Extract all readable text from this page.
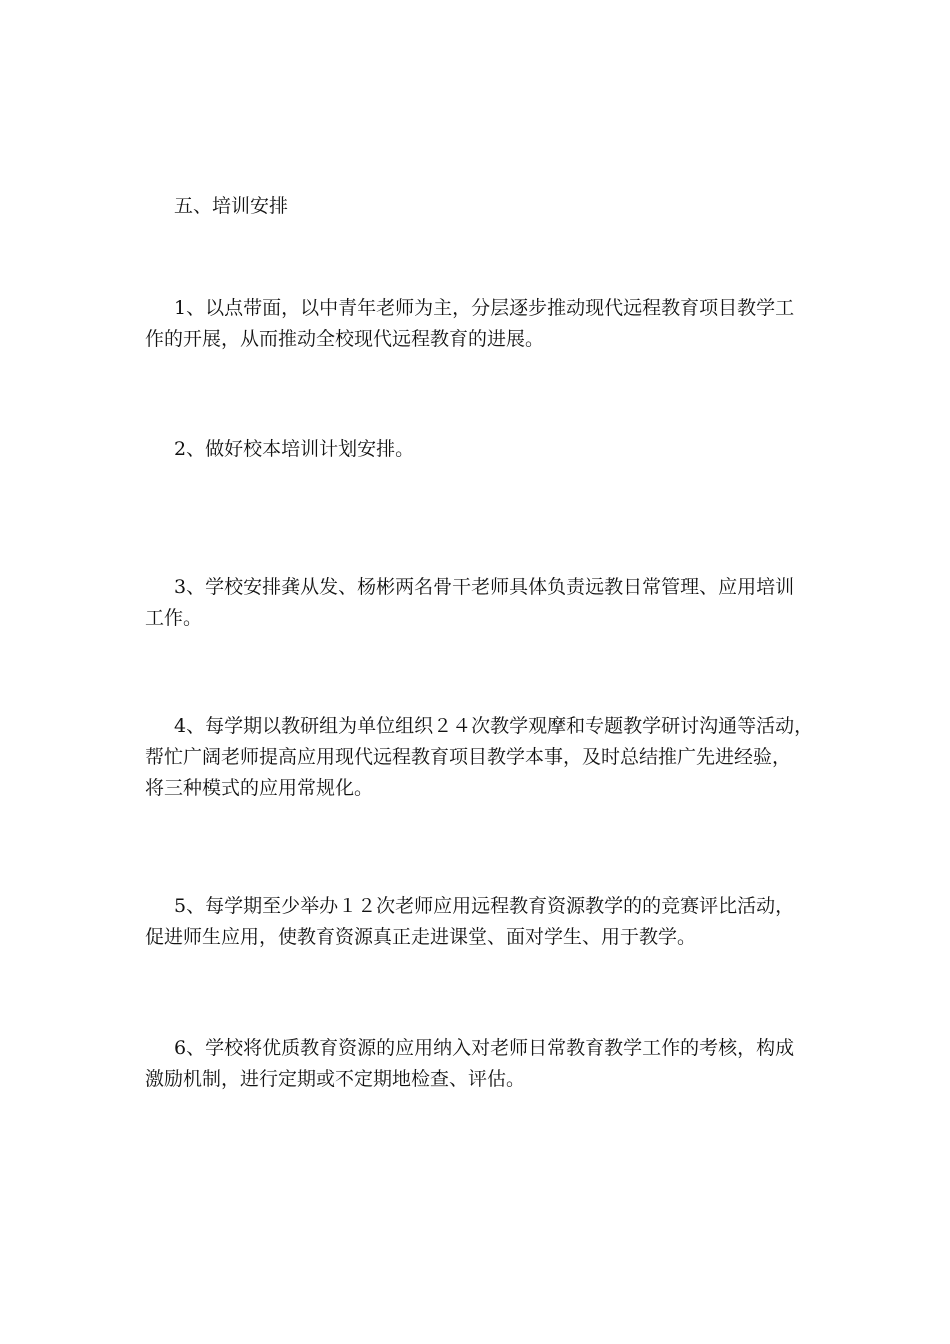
五、培训安排

1、以点带面，以中青年老师为主，分层逐步推动现代远程教育项目教学工
作的开展，从而推动全校现代远程教育的进展。

2、做好校本培训计划安排。

3、学校安排龚从发、杨彬两名骨干老师具体负责远教日常管理、应用培训
工作。

4、每学期以教研组为单位组织２４次教学观摩和专题教学研讨沟通等活动，
帮忙广阔老师提高应用现代远程教育项目教学本事，及时总结推广先进经验，
将三种模式的应用常规化。

5、每学期至少举办１２次老师应用远程教育资源教学的的竞赛评比活动，
促进师生应用，使教育资源真正走进课堂、面对学生、用于教学。

6、学校将优质教育资源的应用纳入对老师日常教育教学工作的考核，构成
激励机制，进行定期或不定期地检查、评估。
